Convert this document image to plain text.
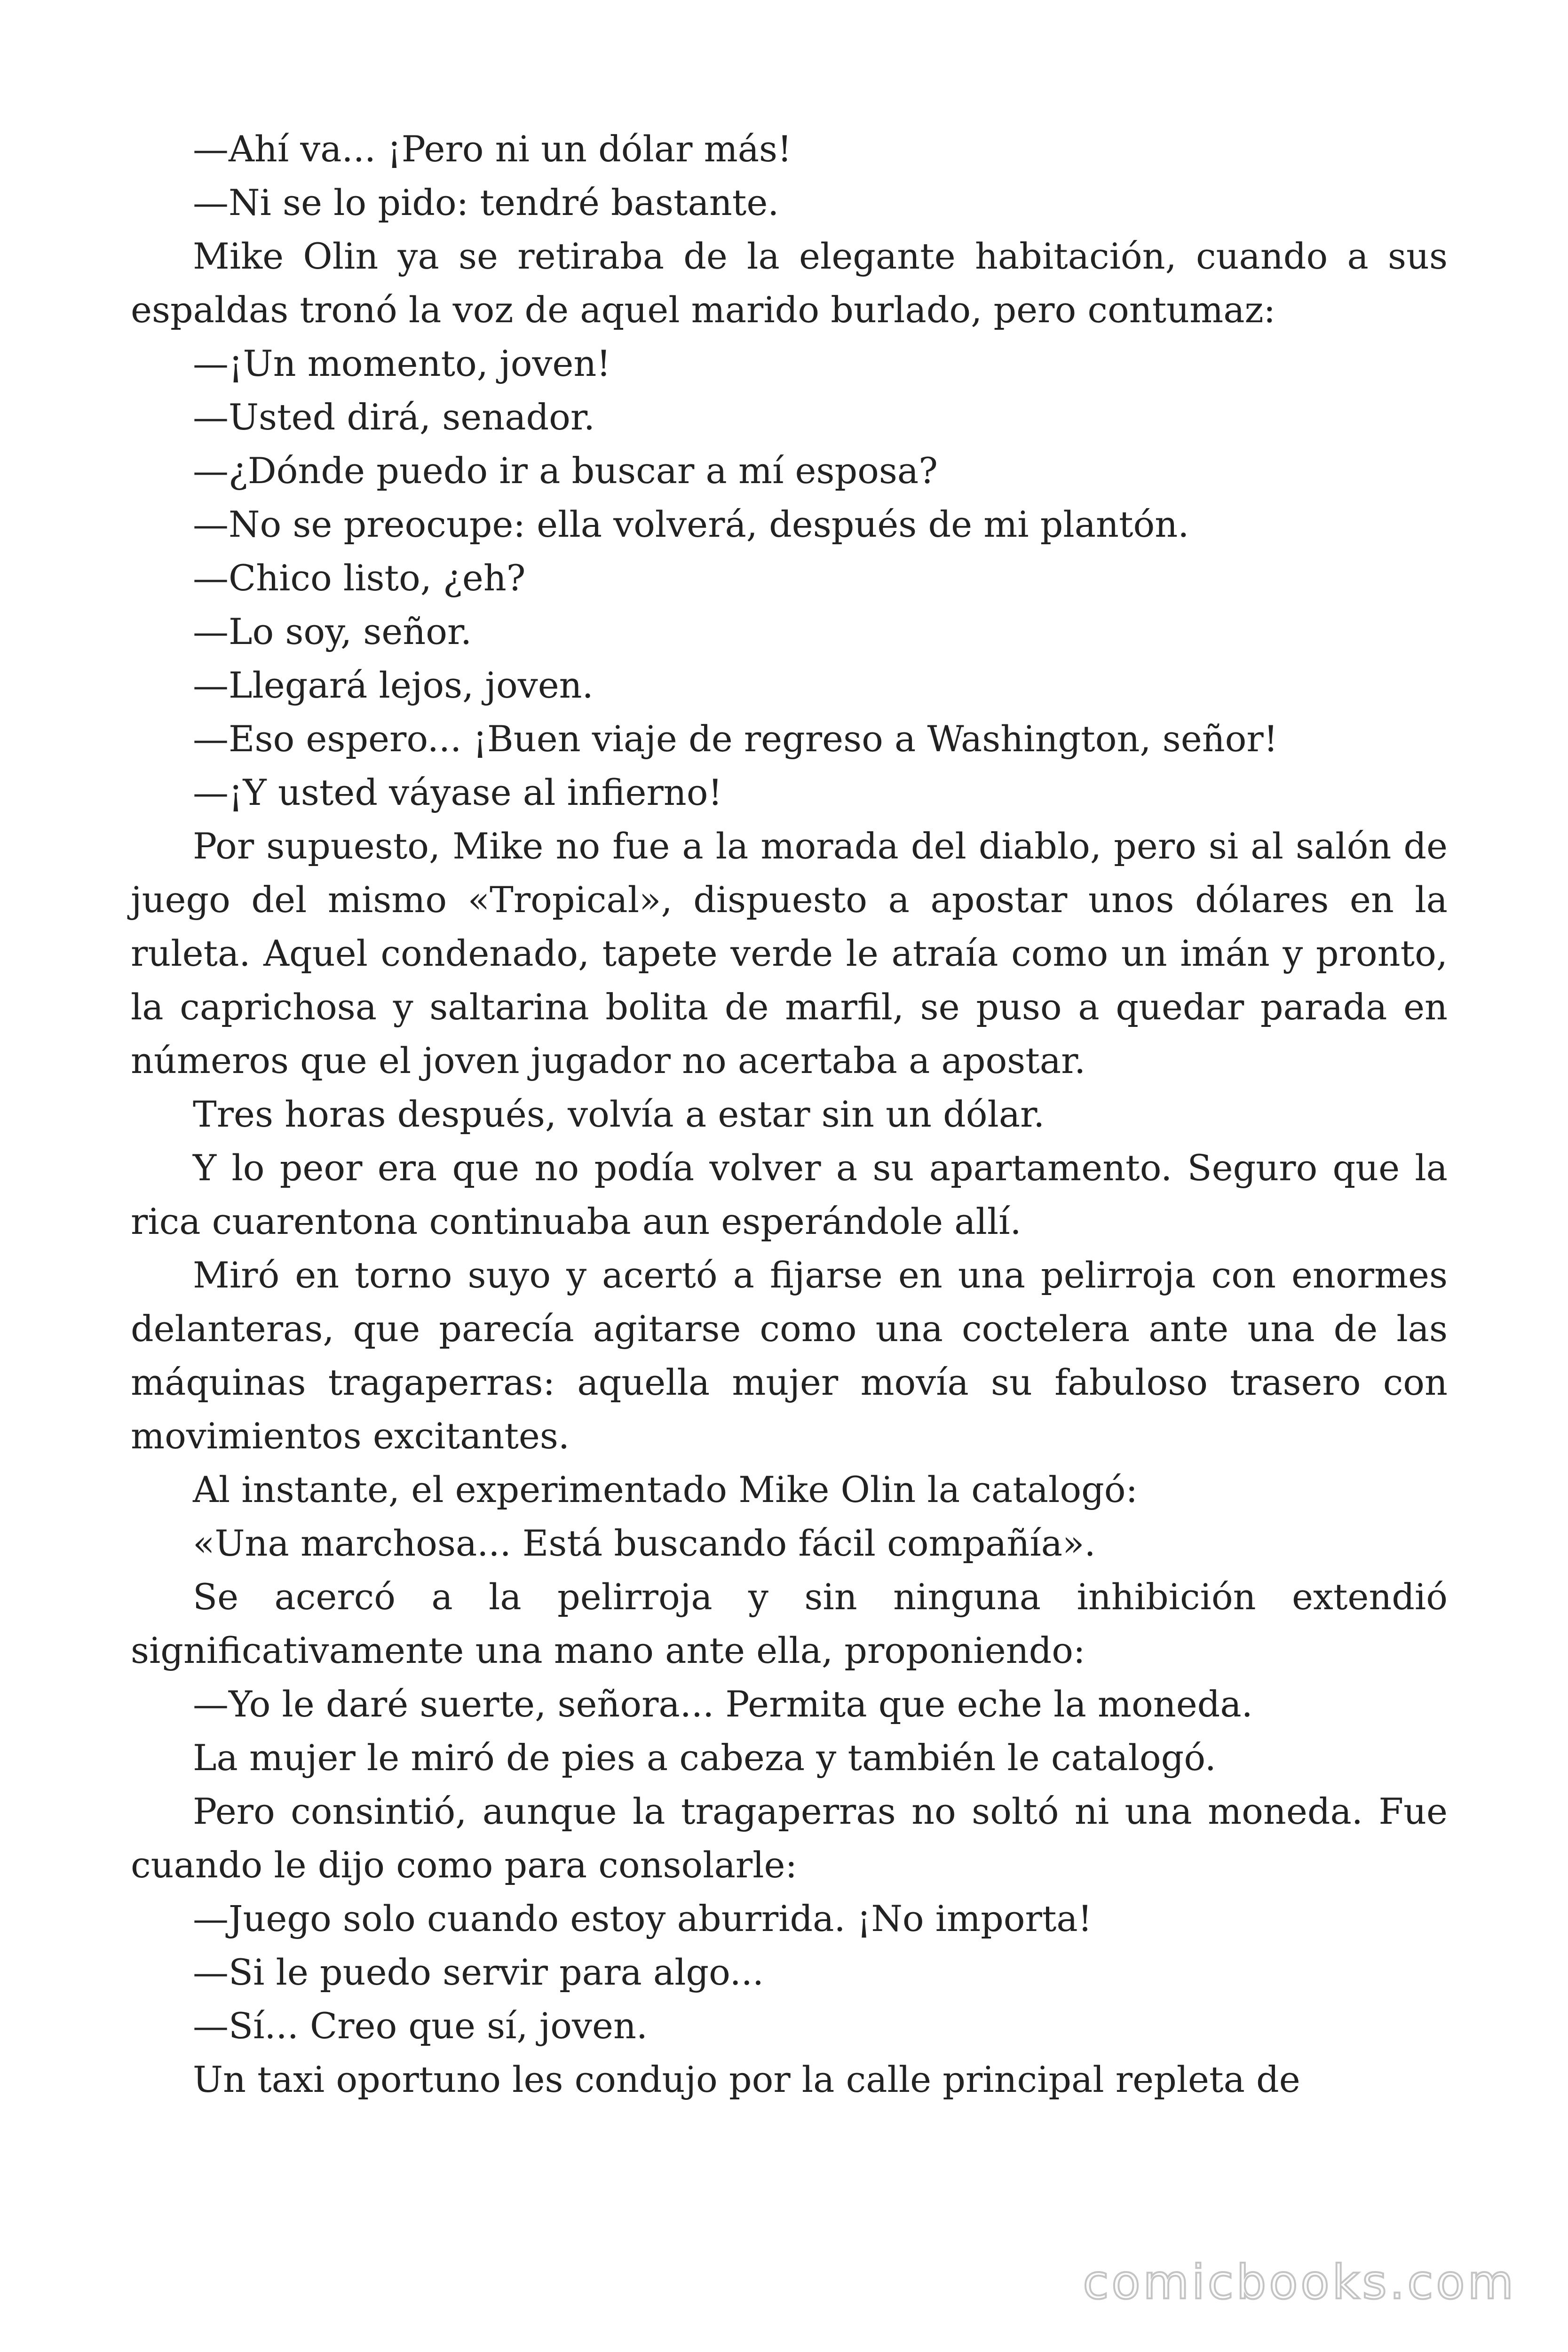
—Ahí va... ¡Pero ni un dólar más!

—Ni se lo pido: tendré bastante.

Mike Olin ya se retiraba de la elegante habitación, cuando a sus espaldas tronó la voz de aquel marido burlado, pero contumaz:

—¡Un momento, joven!

—Usted dirá, senador.

—¿Dónde puedo ir a buscar a mí esposa?

—No se preocupe: ella volverá, después de mi plantón.

—Chico listo, ¿eh?

—Lo soy, señor.

—Llegará lejos, joven.

—Eso espero... ¡Buen viaje de regreso a Washington, señor!

—¡Y usted váyase al infierno!

Por supuesto, Mike no fue a la morada del diablo, pero si al salón de juego del mismo «Tropical», dispuesto a apostar unos dólares en la ruleta. Aquel condenado, tapete verde le atraía como un imán y pronto, la caprichosa y saltarina bolita de marfil, se puso a quedar parada en números que el joven jugador no acertaba a apostar.

Tres horas después, volvía a estar sin un dólar.

Y lo peor era que no podía volver a su apartamento. Seguro que la rica cuarentona continuaba aun esperándole allí.

Miró en torno suyo y acertó a fijarse en una pelirroja con enormes delanteras, que parecía agitarse como una coctelera ante una de las máquinas tragaperras: aquella mujer movía su fabuloso trasero con movimientos excitantes.

Al instante, el experimentado Mike Olin la catalogó:

«Una marchosa... Está buscando fácil compañía».

Se acercó a la pelirroja y sin ninguna inhibición extendió significativamente una mano ante ella, proponiendo:

—Yo le daré suerte, señora... Permita que eche la moneda.

La mujer le miró de pies a cabeza y también le catalogó.

Pero consintió, aunque la tragaperras no soltó ni una moneda. Fue cuando le dijo como para consolarle:

—Juego solo cuando estoy aburrida. ¡No importa!

—Si le puedo servir para algo...

—Sí... Creo que sí, joven.

Un taxi oportuno les condujo por la calle principal repleta de

comicbooks.com
